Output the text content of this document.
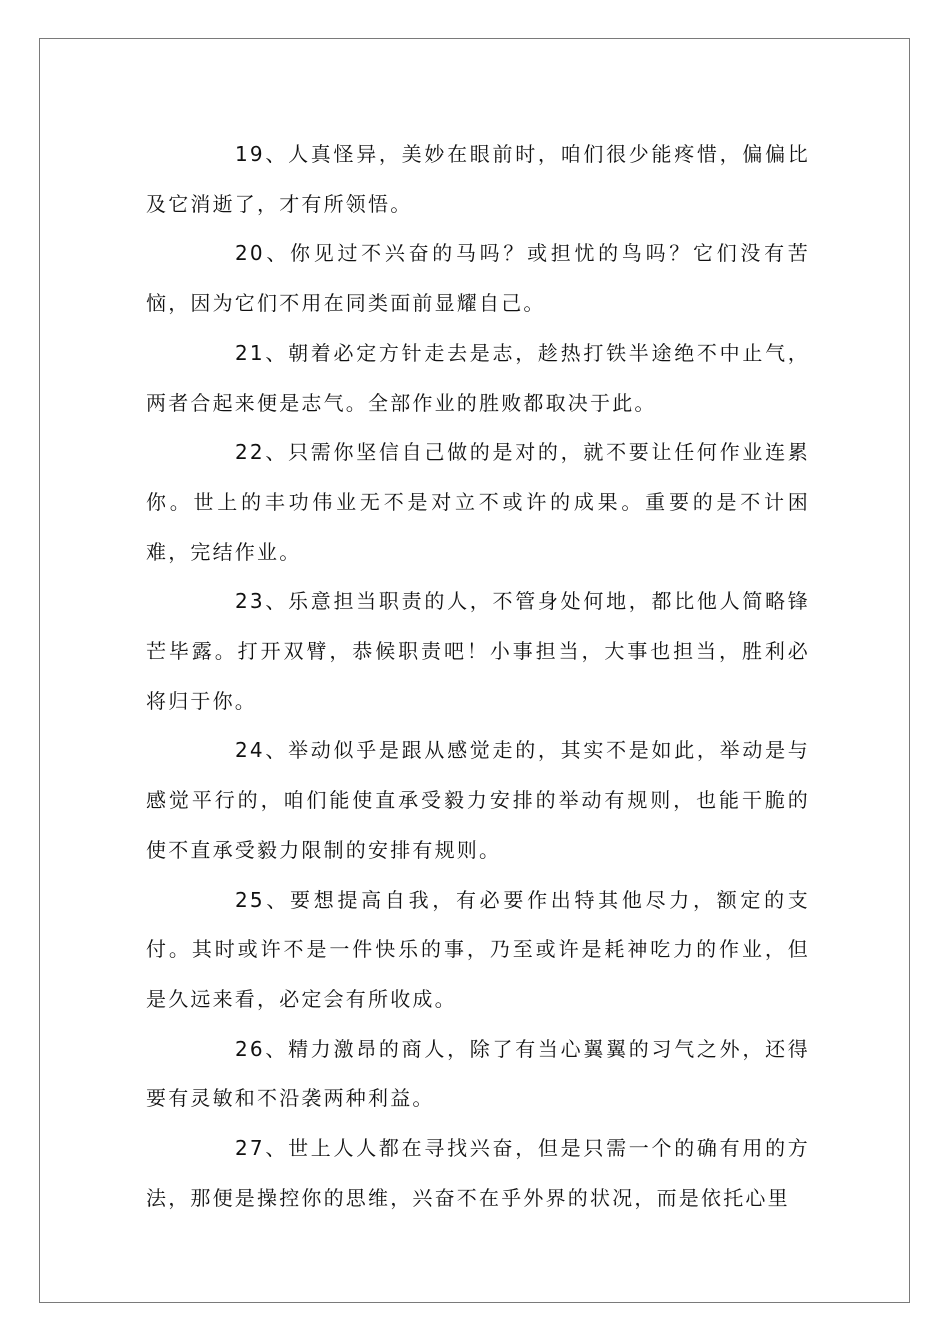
19、人真怪异，美妙在眼前时，咱们很少能疼惜，偏偏比及它消逝了，才有所领悟。

20、你见过不兴奋的马吗？或担忧的鸟吗？它们没有苦恼，因为它们不用在同类面前显耀自己。

21、朝着必定方针走去是志，趁热打铁半途绝不中止气，两者合起来便是志气。全部作业的胜败都取决于此。

22、只需你坚信自己做的是对的，就不要让任何作业连累你。世上的丰功伟业无不是对立不或许的成果。重要的是不计困难，完结作业。

23、乐意担当职责的人，不管身处何地，都比他人简略锋芒毕露。打开双臂，恭候职责吧！小事担当，大事也担当，胜利必将归于你。

24、举动似乎是跟从感觉走的，其实不是如此，举动是与感觉平行的，咱们能使直承受毅力安排的举动有规则，也能干脆的使不直承受毅力限制的安排有规则。

25、要想提高自我，有必要作出特其他尽力，额定的支付。其时或许不是一件快乐的事，乃至或许是耗神吃力的作业，但是久远来看，必定会有所收成。

26、精力激昂的商人，除了有当心翼翼的习气之外，还得要有灵敏和不沿袭两种利益。

27、世上人人都在寻找兴奋，但是只需一个的确有用的方法，那便是操控你的思维，兴奋不在乎外界的状况，而是依托心里
